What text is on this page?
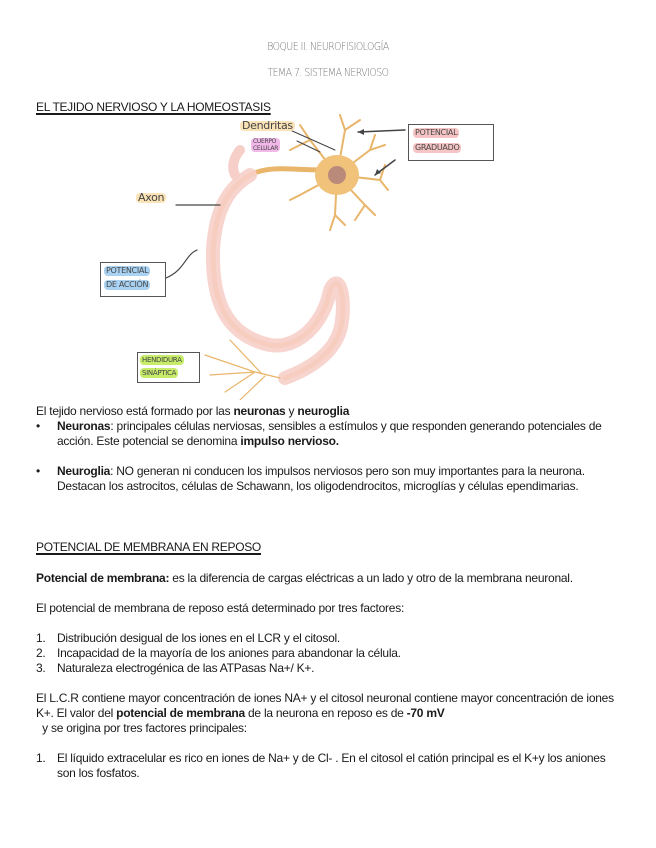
BOQUE II. NEUROFISIOLOGÍA
TEMA 7. SISTEMA NERVIOSO
EL TEJIDO NERVIOSO Y LA HOMEOSTASIS
Dendritas
CUERPO
CELULAR
POTENCIAL
GRADUADO
Axon
POTENCIAL
DE ACCIÓN
HENDIDURA
SINÁPTICA
El tejido nervioso está formado por las neuronas y neuroglia
• Neuronas: principales células nerviosas, sensibles a estímulos y que responden generando potenciales de acción. Este potencial se denomina impulso nervioso.
• Neuroglia: NO generan ni conducen los impulsos nerviosos pero son muy importantes para la neurona. Destacan los astrocitos, células de Schawann, los oligodendrocitos, microglías y células ependimarias.
POTENCIAL DE MEMBRANA EN REPOSO
Potencial de membrana: es la diferencia de cargas eléctricas a un lado y otro de la membrana neuronal.
El potencial de membrana de reposo está determinado por tres factores:
1. Distribución desigual de los iones en el LCR y el citosol.
2. Incapacidad de la mayoría de los aniones para abandonar la célula.
3. Naturaleza electrogénica de las ATPasas Na+/ K+.
El L.C.R contiene mayor concentración de iones NA+ y el citosol neuronal contiene mayor concentración de iones K+. El valor del potencial de membrana de la neurona en reposo es de -70 mV  y se origina por tres factores principales:
1. El líquido extracelular es rico en iones de Na+ y de Cl- . En el citosol el catión principal es el K+y los aniones son los fosfatos.
